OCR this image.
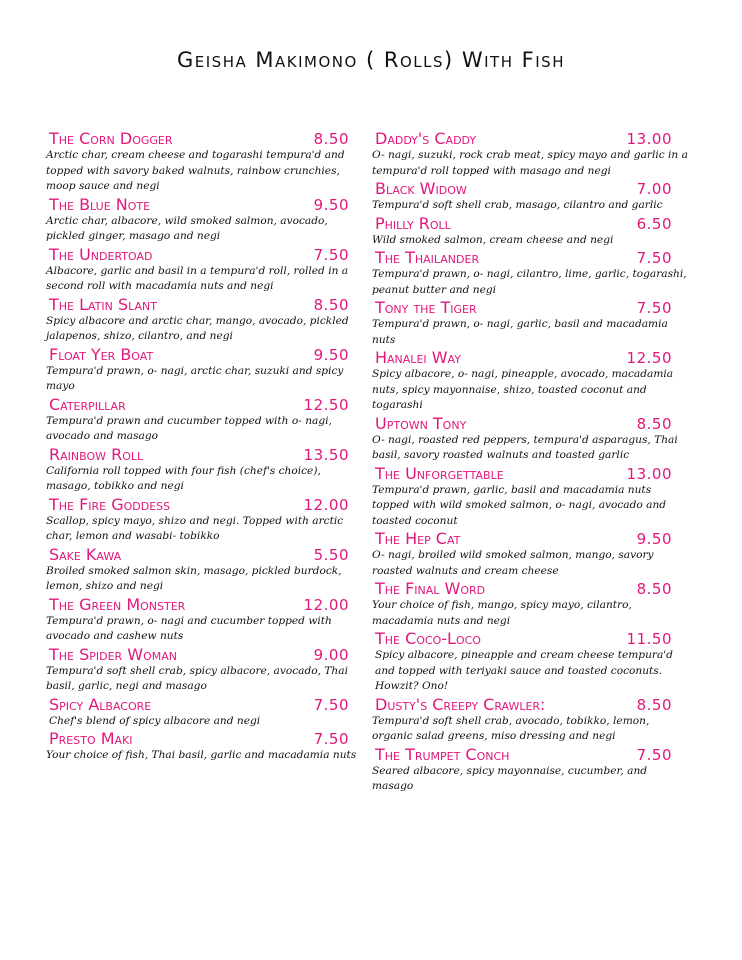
Geisha Makimono ( Rolls) With Fish
The Corn Dogger	8.50
Arctic char, cream cheese and togarashi tempura'd and topped with savory baked walnuts, rainbow crunchies, moop sauce and negi
The Blue Note	9.50
Arctic char, albacore, wild smoked salmon, avocado, pickled ginger, masago and negi
The Undertoad	7.50
Albacore, garlic and basil in a tempura'd roll, rolled in a second roll with macadamia nuts and negi
The Latin Slant	8.50
Spicy albacore and arctic char, mango, avocado, pickled jalapenos, shizo, cilantro, and negi
Float Yer Boat	9.50
Tempura'd prawn, o- nagi, arctic char, suzuki and spicy mayo
Caterpillar	12.50
Tempura'd prawn and cucumber topped with o- nagi, avocado and masago
Rainbow Roll	13.50
California roll topped with four fish (chef's choice), masago, tobikko and negi
The Fire Goddess	12.00
Scallop, spicy mayo, shizo and negi. Topped with arctic char, lemon and wasabi- tobikko
Sake Kawa	5.50
Broiled smoked salmon skin, masago, pickled burdock, lemon, shizo and negi
The Green Monster	12.00
Tempura'd prawn, o- nagi and cucumber topped with avocado and cashew nuts
The Spider Woman	9.00
Tempura'd soft shell crab, spicy albacore, avocado, Thai basil, garlic, negi and masago
Spicy Albacore	7.50
Chef's blend of spicy albacore and negi
Presto Maki	7.50
Your choice of fish, Thai basil, garlic and macadamia nuts
Daddy's Caddy	13.00
O- nagi, suzuki, rock crab meat, spicy mayo and garlic in a tempura'd roll topped with masago and negi
Black Widow	7.00
Tempura'd soft shell crab, masago, cilantro and garlic
Philly Roll	6.50
Wild smoked salmon, cream cheese and negi
The Thailander	7.50
Tempura'd prawn, o- nagi, cilantro, lime, garlic, togarashi, peanut butter and negi
Tony the Tiger	7.50
Tempura'd prawn, o- nagi, garlic, basil and macadamia nuts
Hanalei Way	12.50
Spicy albacore, o- nagi, pineapple, avocado, macadamia nuts, spicy mayonnaise, shizo, toasted coconut and togarashi
Uptown Tony	8.50
O- nagi, roasted red peppers, tempura'd asparagus, Thai basil, savory roasted walnuts and toasted garlic
The Unforgettable	13.00
Tempura'd prawn, garlic, basil and macadamia nuts topped with wild smoked salmon, o- nagi, avocado and toasted coconut
The Hep Cat	9.50
O- nagi, broiled wild smoked salmon, mango, savory roasted walnuts and cream cheese
The Final Word	8.50
Your choice of fish, mango, spicy mayo, cilantro, macadamia nuts and negi
The Coco-Loco	11.50
Spicy albacore, pineapple and cream cheese tempura'd and topped with teriyaki sauce and toasted coconuts. Howzit? Ono!
Dusty's Creepy Crawler:	8.50
Tempura'd soft shell crab, avocado, tobikko, lemon, organic salad greens, miso dressing and negi
The Trumpet Conch	7.50
Seared albacore, spicy mayonnaise, cucumber, and masago
